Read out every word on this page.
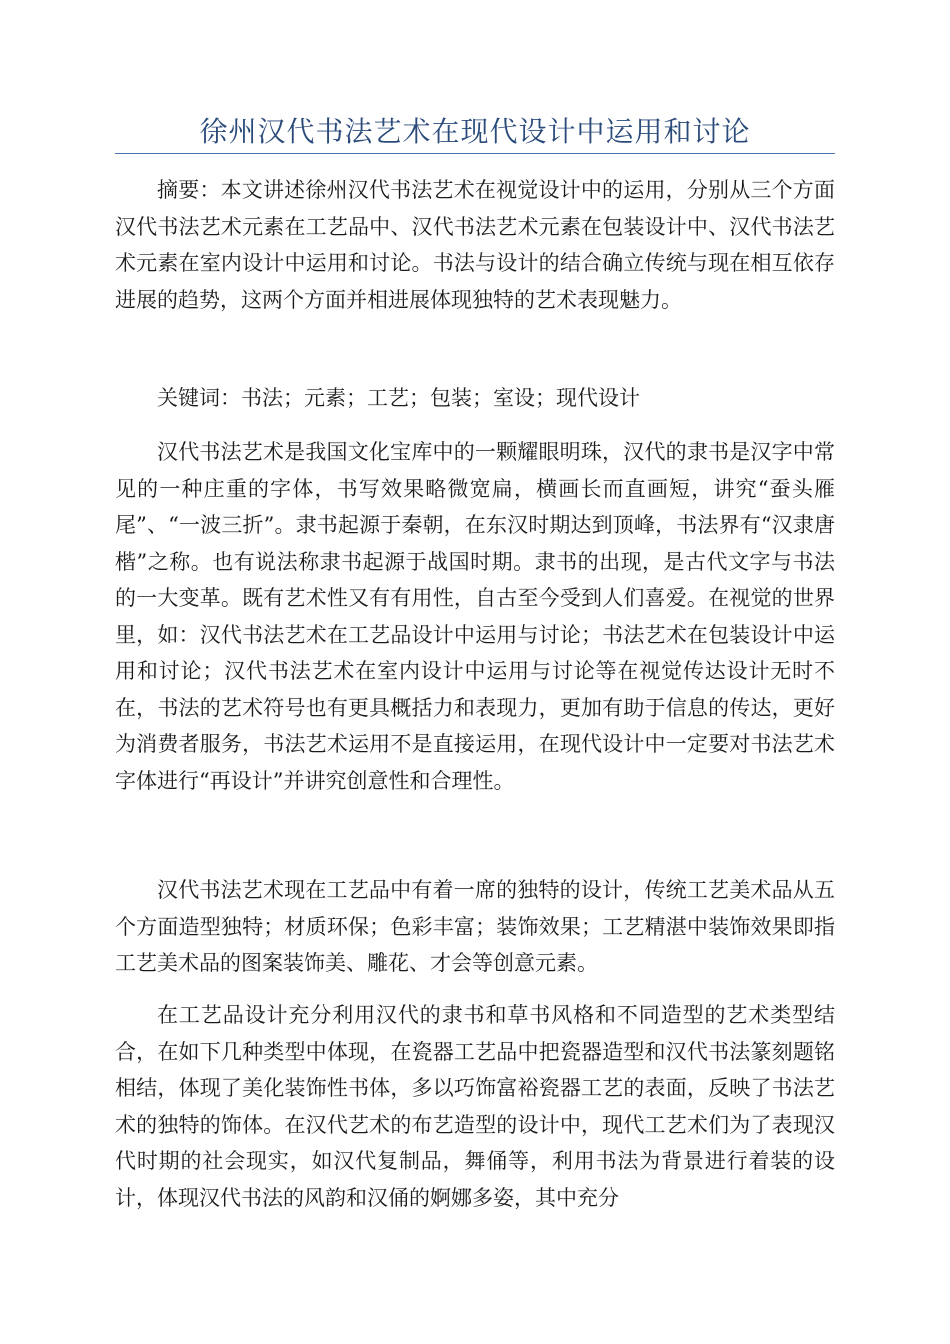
徐州汉代书法艺术在现代设计中运用和讨论

摘要：本文讲述徐州汉代书法艺术在视觉设计中的运用，分别从三个方面汉代书法艺术元素在工艺品中、汉代书法艺术元素在包装设计中、汉代书法艺术元素在室内设计中运用和讨论。书法与设计的结合确立传统与现在相互依存进展的趋势，这两个方面并相进展体现独特的艺术表现魅力。

关键词：书法；元素；工艺；包装；室设；现代设计

汉代书法艺术是我国文化宝库中的一颗耀眼明珠，汉代的隶书是汉字中常见的一种庄重的字体，书写效果略微宽扁，横画长而直画短，讲究“蚕头雁尾”、“一波三折”。隶书起源于秦朝，在东汉时期达到顶峰，书法界有“汉隶唐楷”之称。也有说法称隶书起源于战国时期。隶书的出现，是古代文字与书法的一大变革。既有艺术性又有有用性，自古至今受到人们喜爱。在视觉的世界里，如：汉代书法艺术在工艺品设计中运用与讨论；书法艺术在包装设计中运用和讨论；汉代书法艺术在室内设计中运用与讨论等在视觉传达设计无时不在，书法的艺术符号也有更具概括力和表现力，更加有助于信息的传达，更好为消费者服务，书法艺术运用不是直接运用，在现代设计中一定要对书法艺术字体进行“再设计”并讲究创意性和合理性。

汉代书法艺术现在工艺品中有着一席的独特的设计，传统工艺美术品从五个方面造型独特；材质环保；色彩丰富；装饰效果；工艺精湛中装饰效果即指工艺美术品的图案装饰美、雕花、才会等创意元素。

在工艺品设计充分利用汉代的隶书和草书风格和不同造型的艺术类型结合，在如下几种类型中体现，在瓷器工艺品中把瓷器造型和汉代书法篆刻题铭相结，体现了美化装饰性书体，多以巧饰富裕瓷器工艺的表面，反映了书法艺术的独特的饰体。在汉代艺术的布艺造型的设计中，现代工艺术们为了表现汉代时期的社会现实，如汉代复制品，舞俑等，利用书法为背景进行着装的设计，体现汉代书法的风韵和汉俑的婀娜多姿，其中充分
